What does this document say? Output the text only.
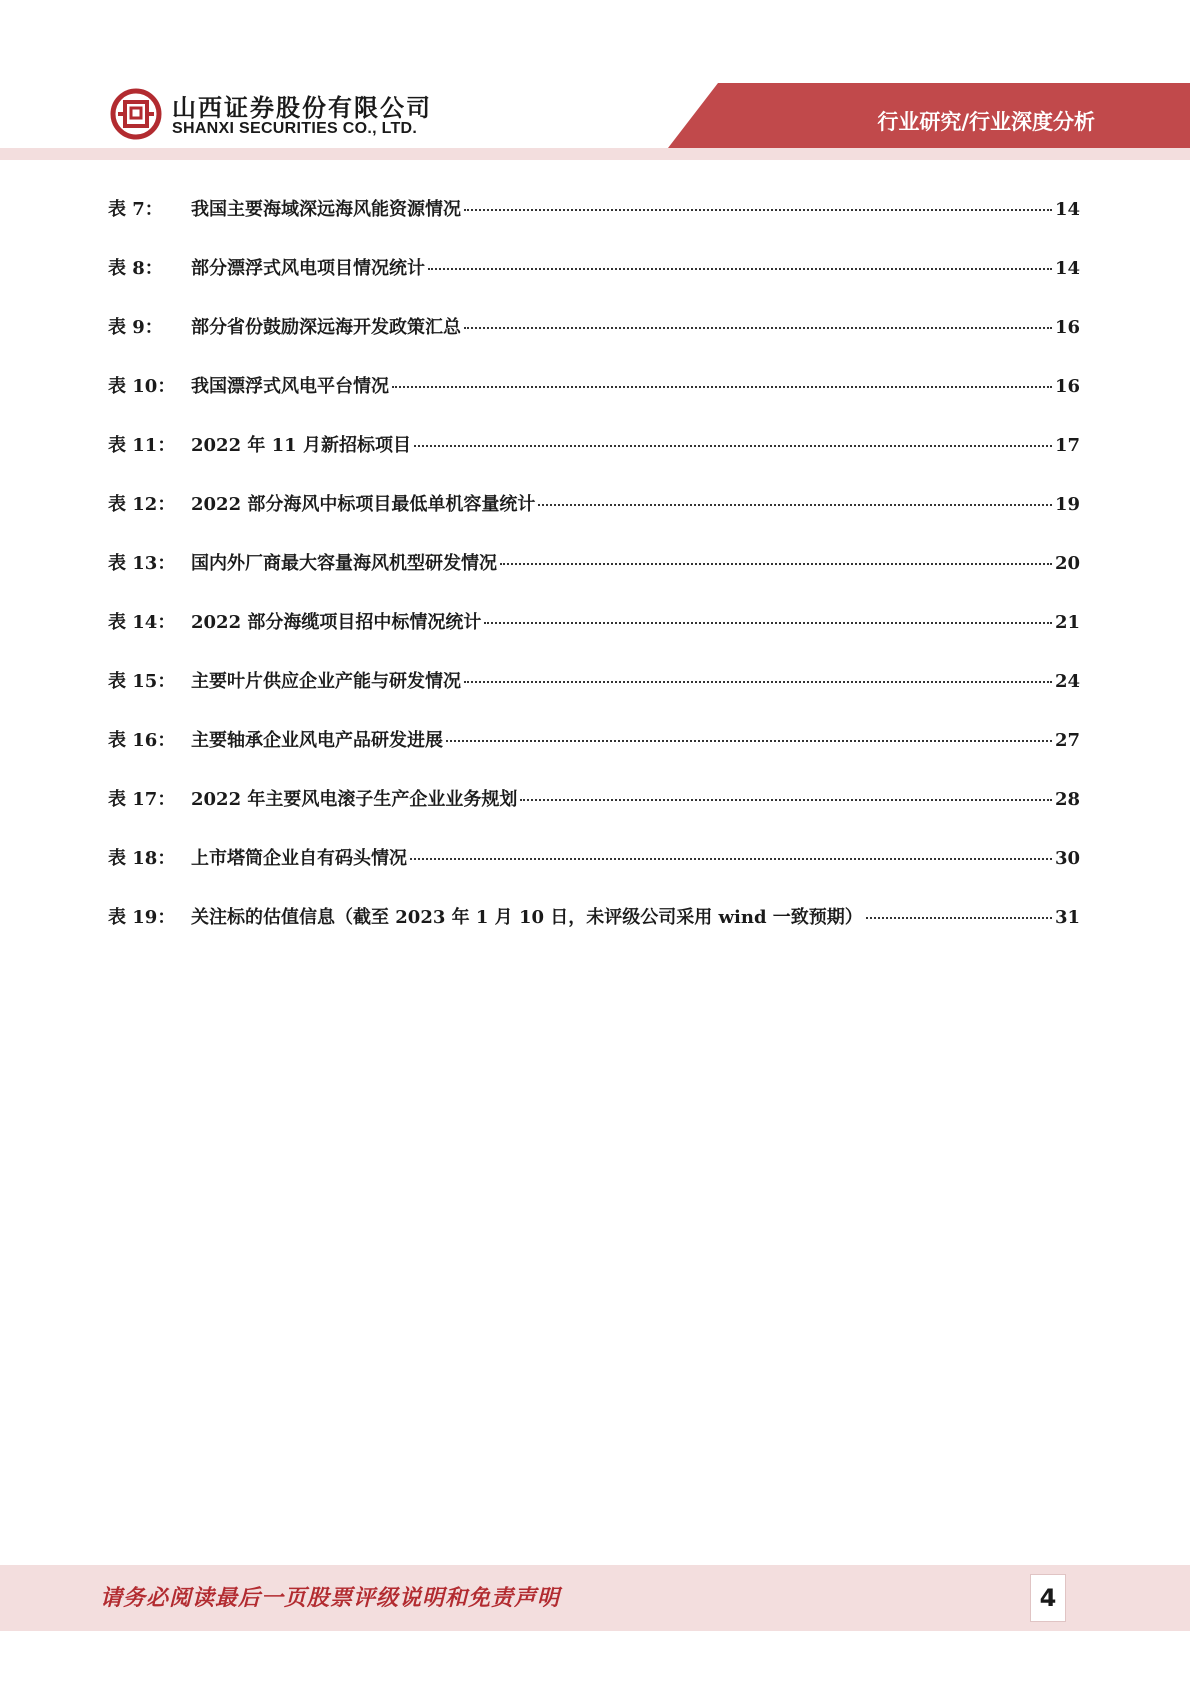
山西证券股份有限公司
SHANXI SECURITIES CO., LTD.	行业研究/行业深度分析
表 7：	我国主要海域深远海风能资源情况	14
表 8：	部分漂浮式风电项目情况统计	14
表 9：	部分省份鼓励深远海开发政策汇总	16
表 10： 我国漂浮式风电平台情况	16
表 11： 2022 年 11 月新招标项目	17
表 12： 2022 部分海风中标项目最低单机容量统计	19
表 13： 国内外厂商最大容量海风机型研发情况	20
表 14： 2022 部分海缆项目招中标情况统计	21
表 15： 主要叶片供应企业产能与研发情况	24
表 16： 主要轴承企业风电产品研发进展	27
表 17： 2022 年主要风电滚子生产企业业务规划	28
表 18： 上市塔筒企业自有码头情况	30
表 19： 关注标的估值信息（截至 2023 年 1 月 10 日，未评级公司采用 wind 一致预期）	31
请务必阅读最后一页股票评级说明和免责声明	4
